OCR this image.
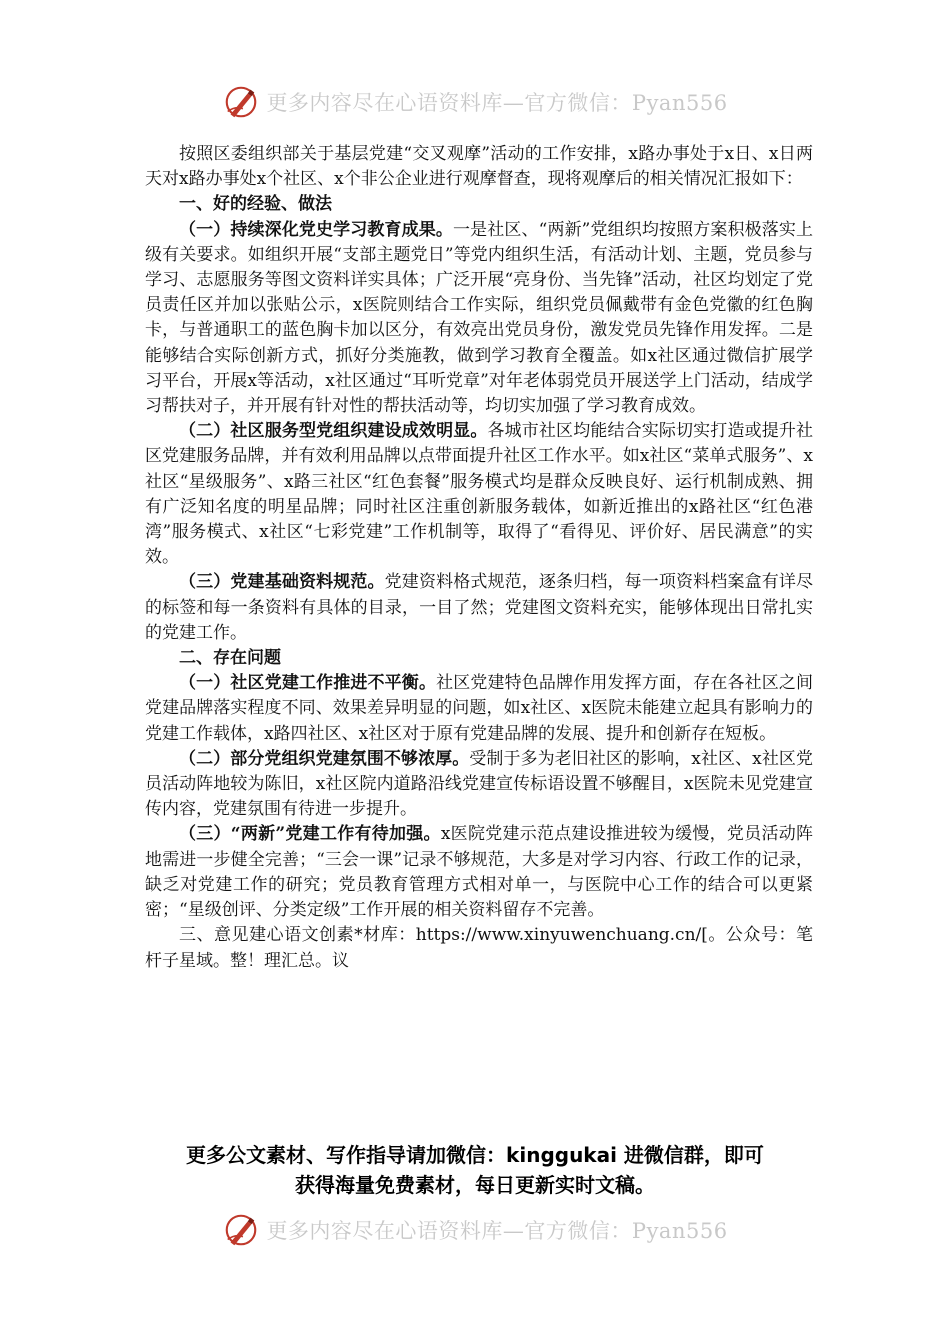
更多内容尽在心语资料库—官方微信：Pyan556

按照区委组织部关于基层党建“交叉观摩”活动的工作安排，x路办事处于x日、x日两天对x路办事处x个社区、x个非公企业进行观摩督查，现将观摩后的相关情况汇报如下：

一、好的经验、做法

（一）持续深化党史学习教育成果。一是社区、“两新”党组织均按照方案积极落实上级有关要求。如组织开展“支部主题党日”等党内组织生活，有活动计划、主题，党员参与学习、志愿服务等图文资料详实具体；广泛开展“亮身份、当先锋”活动，社区均划定了党员责任区并加以张贴公示，x医院则结合工作实际，组织党员佩戴带有金色党徽的红色胸卡，与普通职工的蓝色胸卡加以区分，有效亮出党员身份，激发党员先锋作用发挥。二是能够结合实际创新方式，抓好分类施教，做到学习教育全覆盖。如x社区通过微信扩展学习平台，开展x等活动，x社区通过“耳听党章”对年老体弱党员开展送学上门活动，结成学习帮扶对子，并开展有针对性的帮扶活动等，均切实加强了学习教育成效。

（二）社区服务型党组织建设成效明显。各城市社区均能结合实际切实打造或提升社区党建服务品牌，并有效利用品牌以点带面提升社区工作水平。如x社区“菜单式服务”、x社区“星级服务”、x路三社区“红色套餐”服务模式均是群众反映良好、运行机制成熟、拥有广泛知名度的明星品牌；同时社区注重创新服务载体，如新近推出的x路社区“红色港湾”服务模式、x社区“七彩党建”工作机制等，取得了“看得见、评价好、居民满意”的实效。

（三）党建基础资料规范。党建资料格式规范，逐条归档，每一项资料档案盒有详尽的标签和每一条资料有具体的目录，一目了然；党建图文资料充实，能够体现出日常扎实的党建工作。

二、存在问题

（一）社区党建工作推进不平衡。社区党建特色品牌作用发挥方面，存在各社区之间党建品牌落实程度不同、效果差异明显的问题，如x社区、x医院未能建立起具有影响力的党建工作载体，x路四社区、x社区对于原有党建品牌的发展、提升和创新存在短板。

（二）部分党组织党建氛围不够浓厚。受制于多为老旧社区的影响，x社区、x社区党员活动阵地较为陈旧，x社区院内道路沿线党建宣传标语设置不够醒目，x医院未见党建宣传内容，党建氛围有待进一步提升。

（三）“两新”党建工作有待加强。x医院党建示范点建设推进较为缓慢，党员活动阵地需进一步健全完善；“三会一课”记录不够规范，大多是对学习内容、行政工作的记录，缺乏对党建工作的研究；党员教育管理方式相对单一，与医院中心工作的结合可以更紧密；“星级创评、分类定级”工作开展的相关资料留存不完善。

三、意见建心语文创素*材库：https://www.xinyuwenchuang.cn/[。公众号：笔杆子星域。整！理汇总。议

更多公文素材、写作指导请加微信：kinggukai 进微信群，即可
获得海量免费素材，每日更新实时文稿。
更多内容尽在心语资料库—官方微信：Pyan556
